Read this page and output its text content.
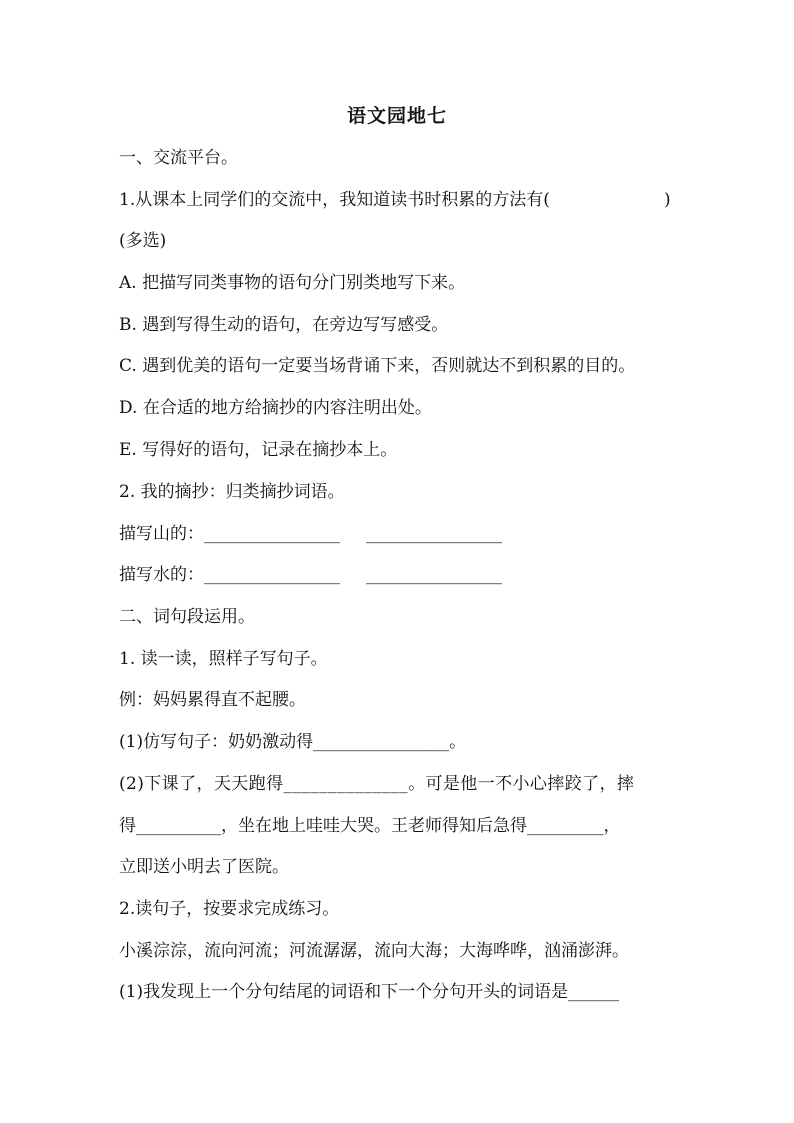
语文园地七
一、交流平台。
1.从课本上同学们的交流中，我知道读书时积累的方法有(	)
(多选)
A. 把描写同类事物的语句分门别类地写下来。
B. 遇到写得生动的语句，在旁边写写感受。
C. 遇到优美的语句一定要当场背诵下来，否则就达不到积累的目的。
D. 在合适的地方给摘抄的内容注明出处。
E. 写得好的语句，记录在摘抄本上。
2. 我的摘抄：归类摘抄词语。
描写山的：________________ ________________
描写水的：________________ ________________
二、词句段运用。
1. 读一读，照样子写句子。
例：妈妈累得直不起腰。
(1)仿写句子：奶奶激动得________________。
(2)下课了，天天跑得______________。可是他一不小心摔跤了，摔
得__________，坐在地上哇哇大哭。王老师得知后急得_________，
立即送小明去了医院。
2.读句子，按要求完成练习。
小溪淙淙，流向河流；河流潺潺，流向大海；大海哗哗，汹涌澎湃。
(1)我发现上一个分句结尾的词语和下一个分句开头的词语是______
